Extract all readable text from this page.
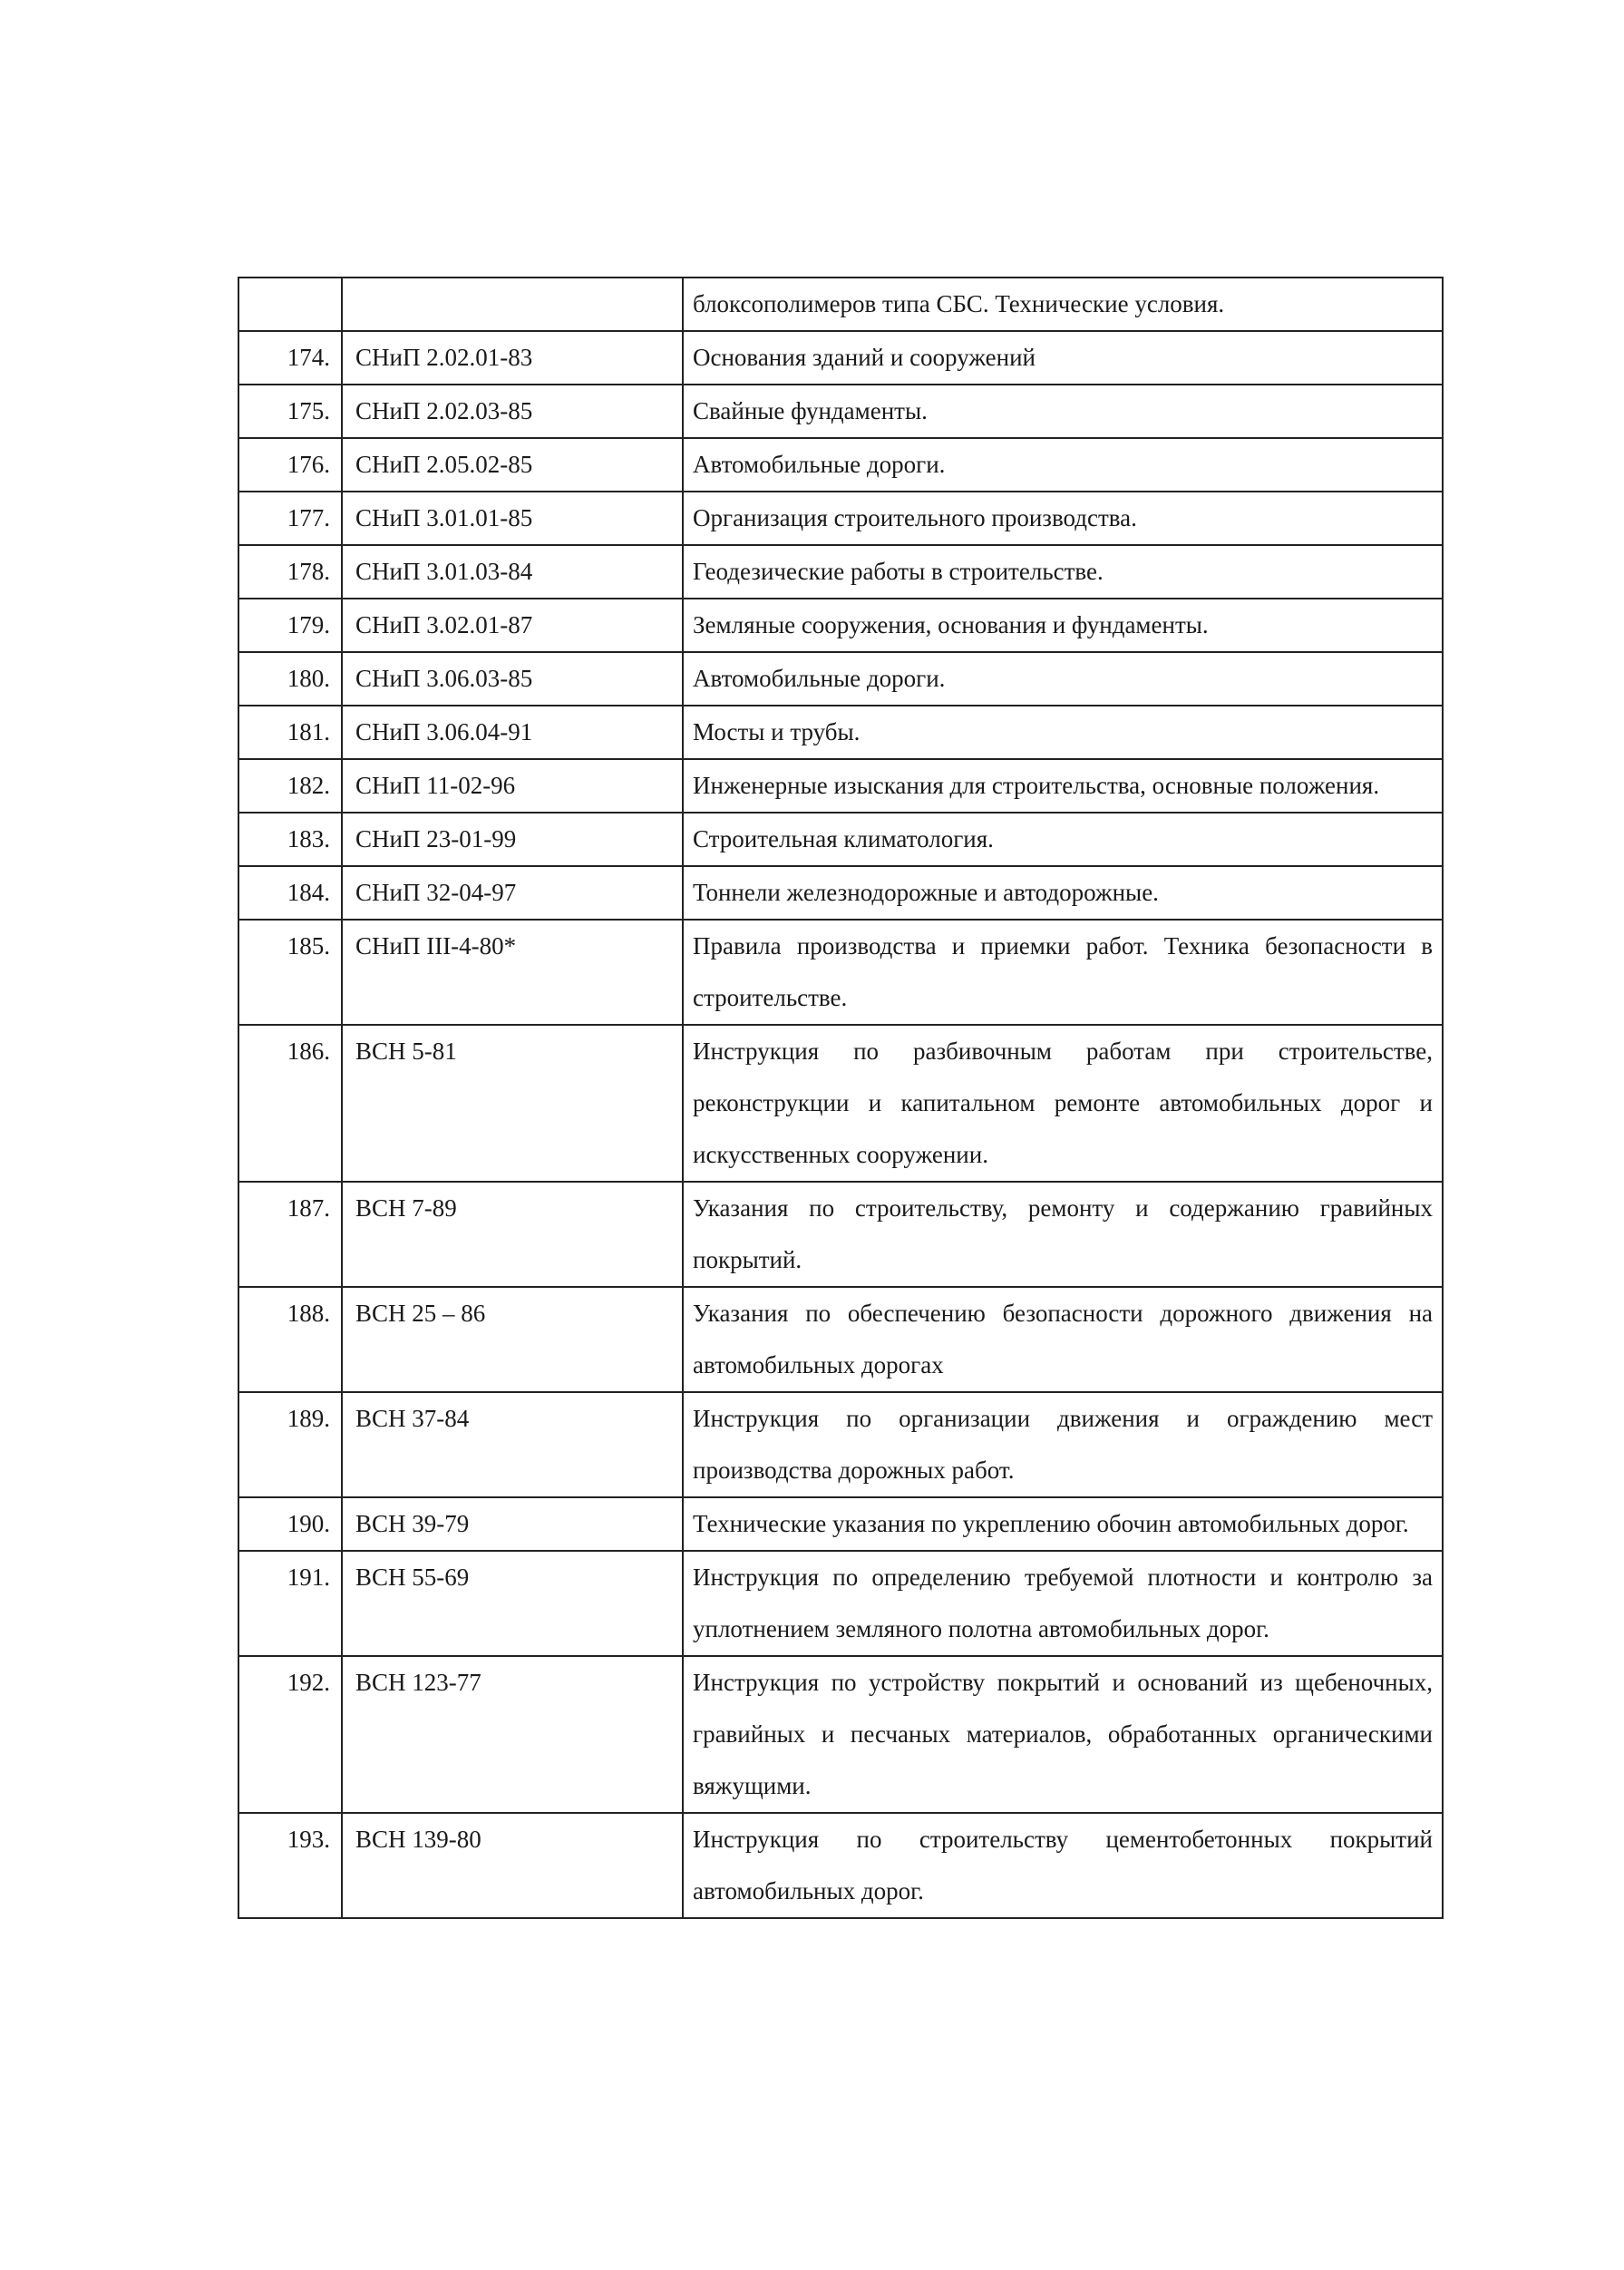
		блоксополимеров типа СБС. Технические условия.
174.	СНиП 2.02.01-83	Основания зданий и сооружений
175.	СНиП 2.02.03-85	Свайные фундаменты.
176.	СНиП 2.05.02-85	Автомобильные дороги.
177.	СНиП 3.01.01-85	Организация строительного производства.
178.	СНиП 3.01.03-84	Геодезические работы в строительстве.
179.	СНиП 3.02.01-87	Земляные сооружения, основания и фундаменты.
180.	СНиП 3.06.03-85	Автомобильные дороги.
181.	СНиП 3.06.04-91	Мосты и трубы.
182.	СНиП 11-02-96	Инженерные изыскания для строительства, основные положения.
183.	СНиП 23-01-99	Строительная климатология.
184.	СНиП 32-04-97	Тоннели железнодорожные и автодорожные.
185.	СНиП III-4-80*	Правила производства и приемки работ. Техника безопасности в строительстве.
186.	ВСН 5-81	Инструкция по разбивочным работам при строительстве, реконструкции и капитальном ремонте автомобильных дорог и искусственных сооружении.
187.	ВСН 7-89	Указания по строительству, ремонту и содержанию гравийных покрытий.
188.	ВСН 25 – 86	Указания по обеспечению безопасности дорожного движения на автомобильных дорогах
189.	ВСН 37-84	Инструкция по организации движения и ограждению мест производства дорожных работ.
190.	ВСН 39-79	Технические указания по укреплению обочин автомобильных дорог.
191.	ВСН 55-69	Инструкция по определению требуемой плотности и контролю за уплотнением земляного полотна автомобильных дорог.
192.	ВСН 123-77	Инструкция по устройству покрытий и оснований из щебеночных, гравийных и песчаных материалов, обработанных органическими вяжущими.
193.	ВСН 139-80	Инструкция по строительству цементобетонных покрытий автомобильных дорог.
